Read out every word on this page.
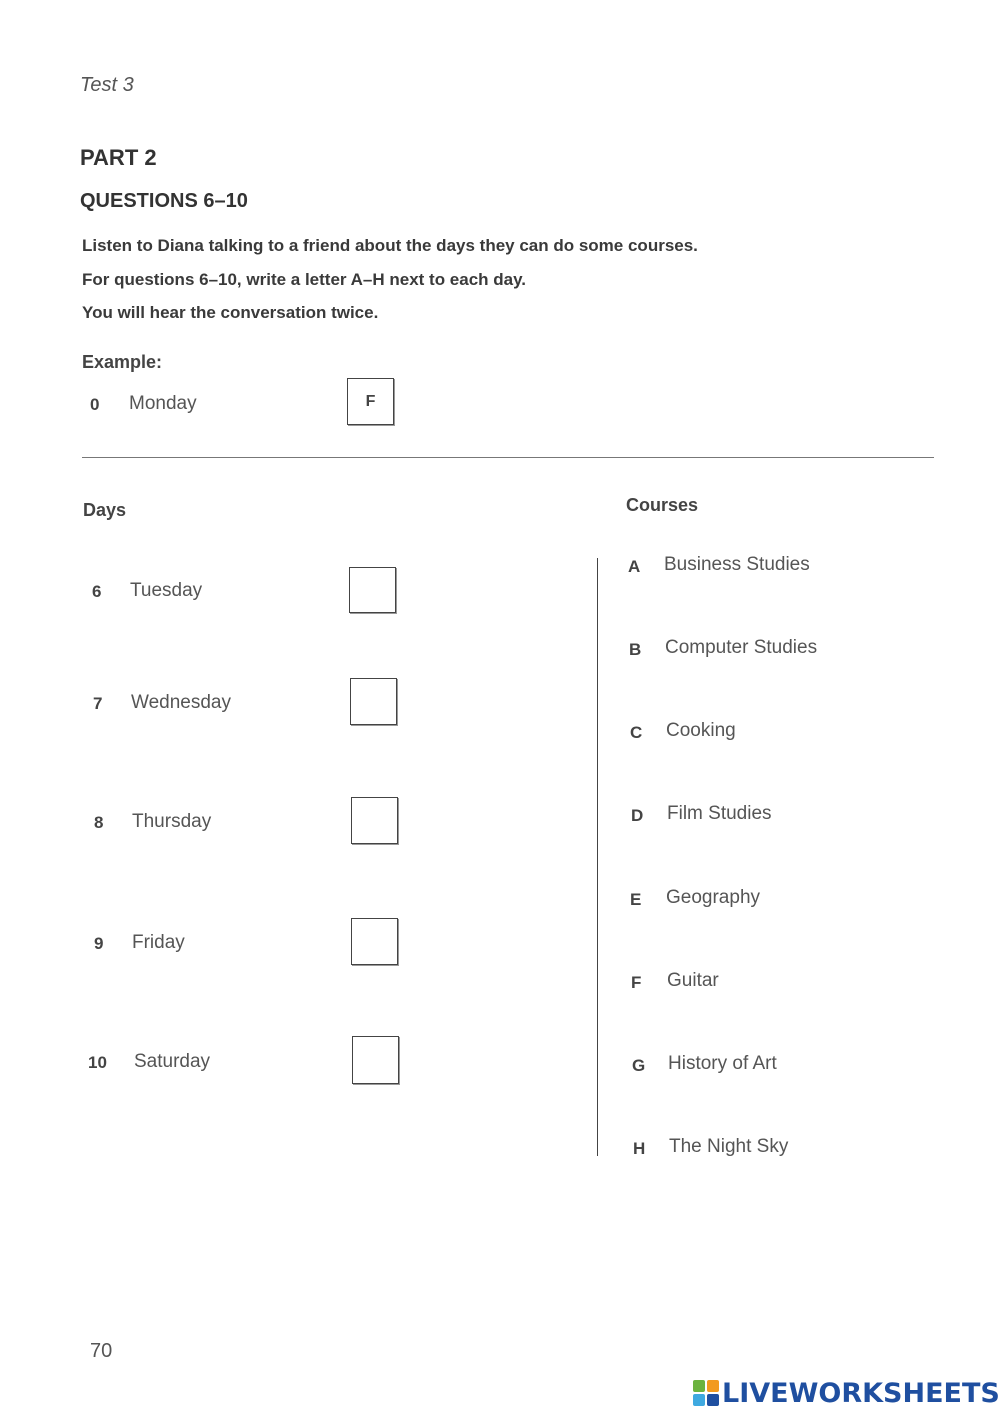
Test 3
PART 2
QUESTIONS 6–10
Listen to Diana talking to a friend about the days they can do some courses.
For questions 6–10, write a letter A–H next to each day.
You will hear the conversation twice.
Example:
0 Monday	F
Days	Courses
6 Tuesday
7 Wednesday
8 Thursday
9 Friday
10 Saturday
A Business Studies
B Computer Studies
C Cooking
D Film Studies
E Geography
F Guitar
G History of Art
H The Night Sky
70
LIVEWORKSHEETS
